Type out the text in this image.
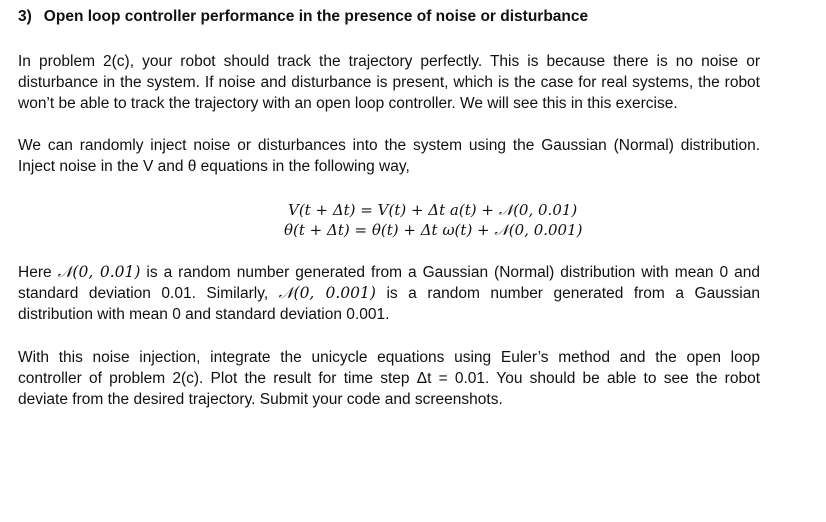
3) Open loop controller performance in the presence of noise or disturbance
In problem 2(c), your robot should track the trajectory perfectly. This is because there is no noise or
disturbance in the system. If noise and disturbance is present, which is the case for real systems, the robot
won’t be able to track the trajectory with an open loop controller. We will see this in this exercise.
We can randomly inject noise or disturbances into the system using the Gaussian (Normal) distribution.
Inject noise in the V and θ equations in the following way,
V(t + Δt) = V(t) + Δt a(t) + 𝒩(0, 0.01)
θ(t + Δt) = θ(t) + Δt ω(t) + 𝒩(0, 0.001)
Here 𝒩(0, 0.01) is a random number generated from a Gaussian (Normal) distribution with mean 0 and
standard deviation 0.01. Similarly, 𝒩(0, 0.001) is a random number generated from a Gaussian
distribution with mean 0 and standard deviation 0.001.
With this noise injection, integrate the unicycle equations using Euler’s method and the open loop
controller of problem 2(c). Plot the result for time step Δt = 0.01. You should be able to see the robot
deviate from the desired trajectory. Submit your code and screenshots.
